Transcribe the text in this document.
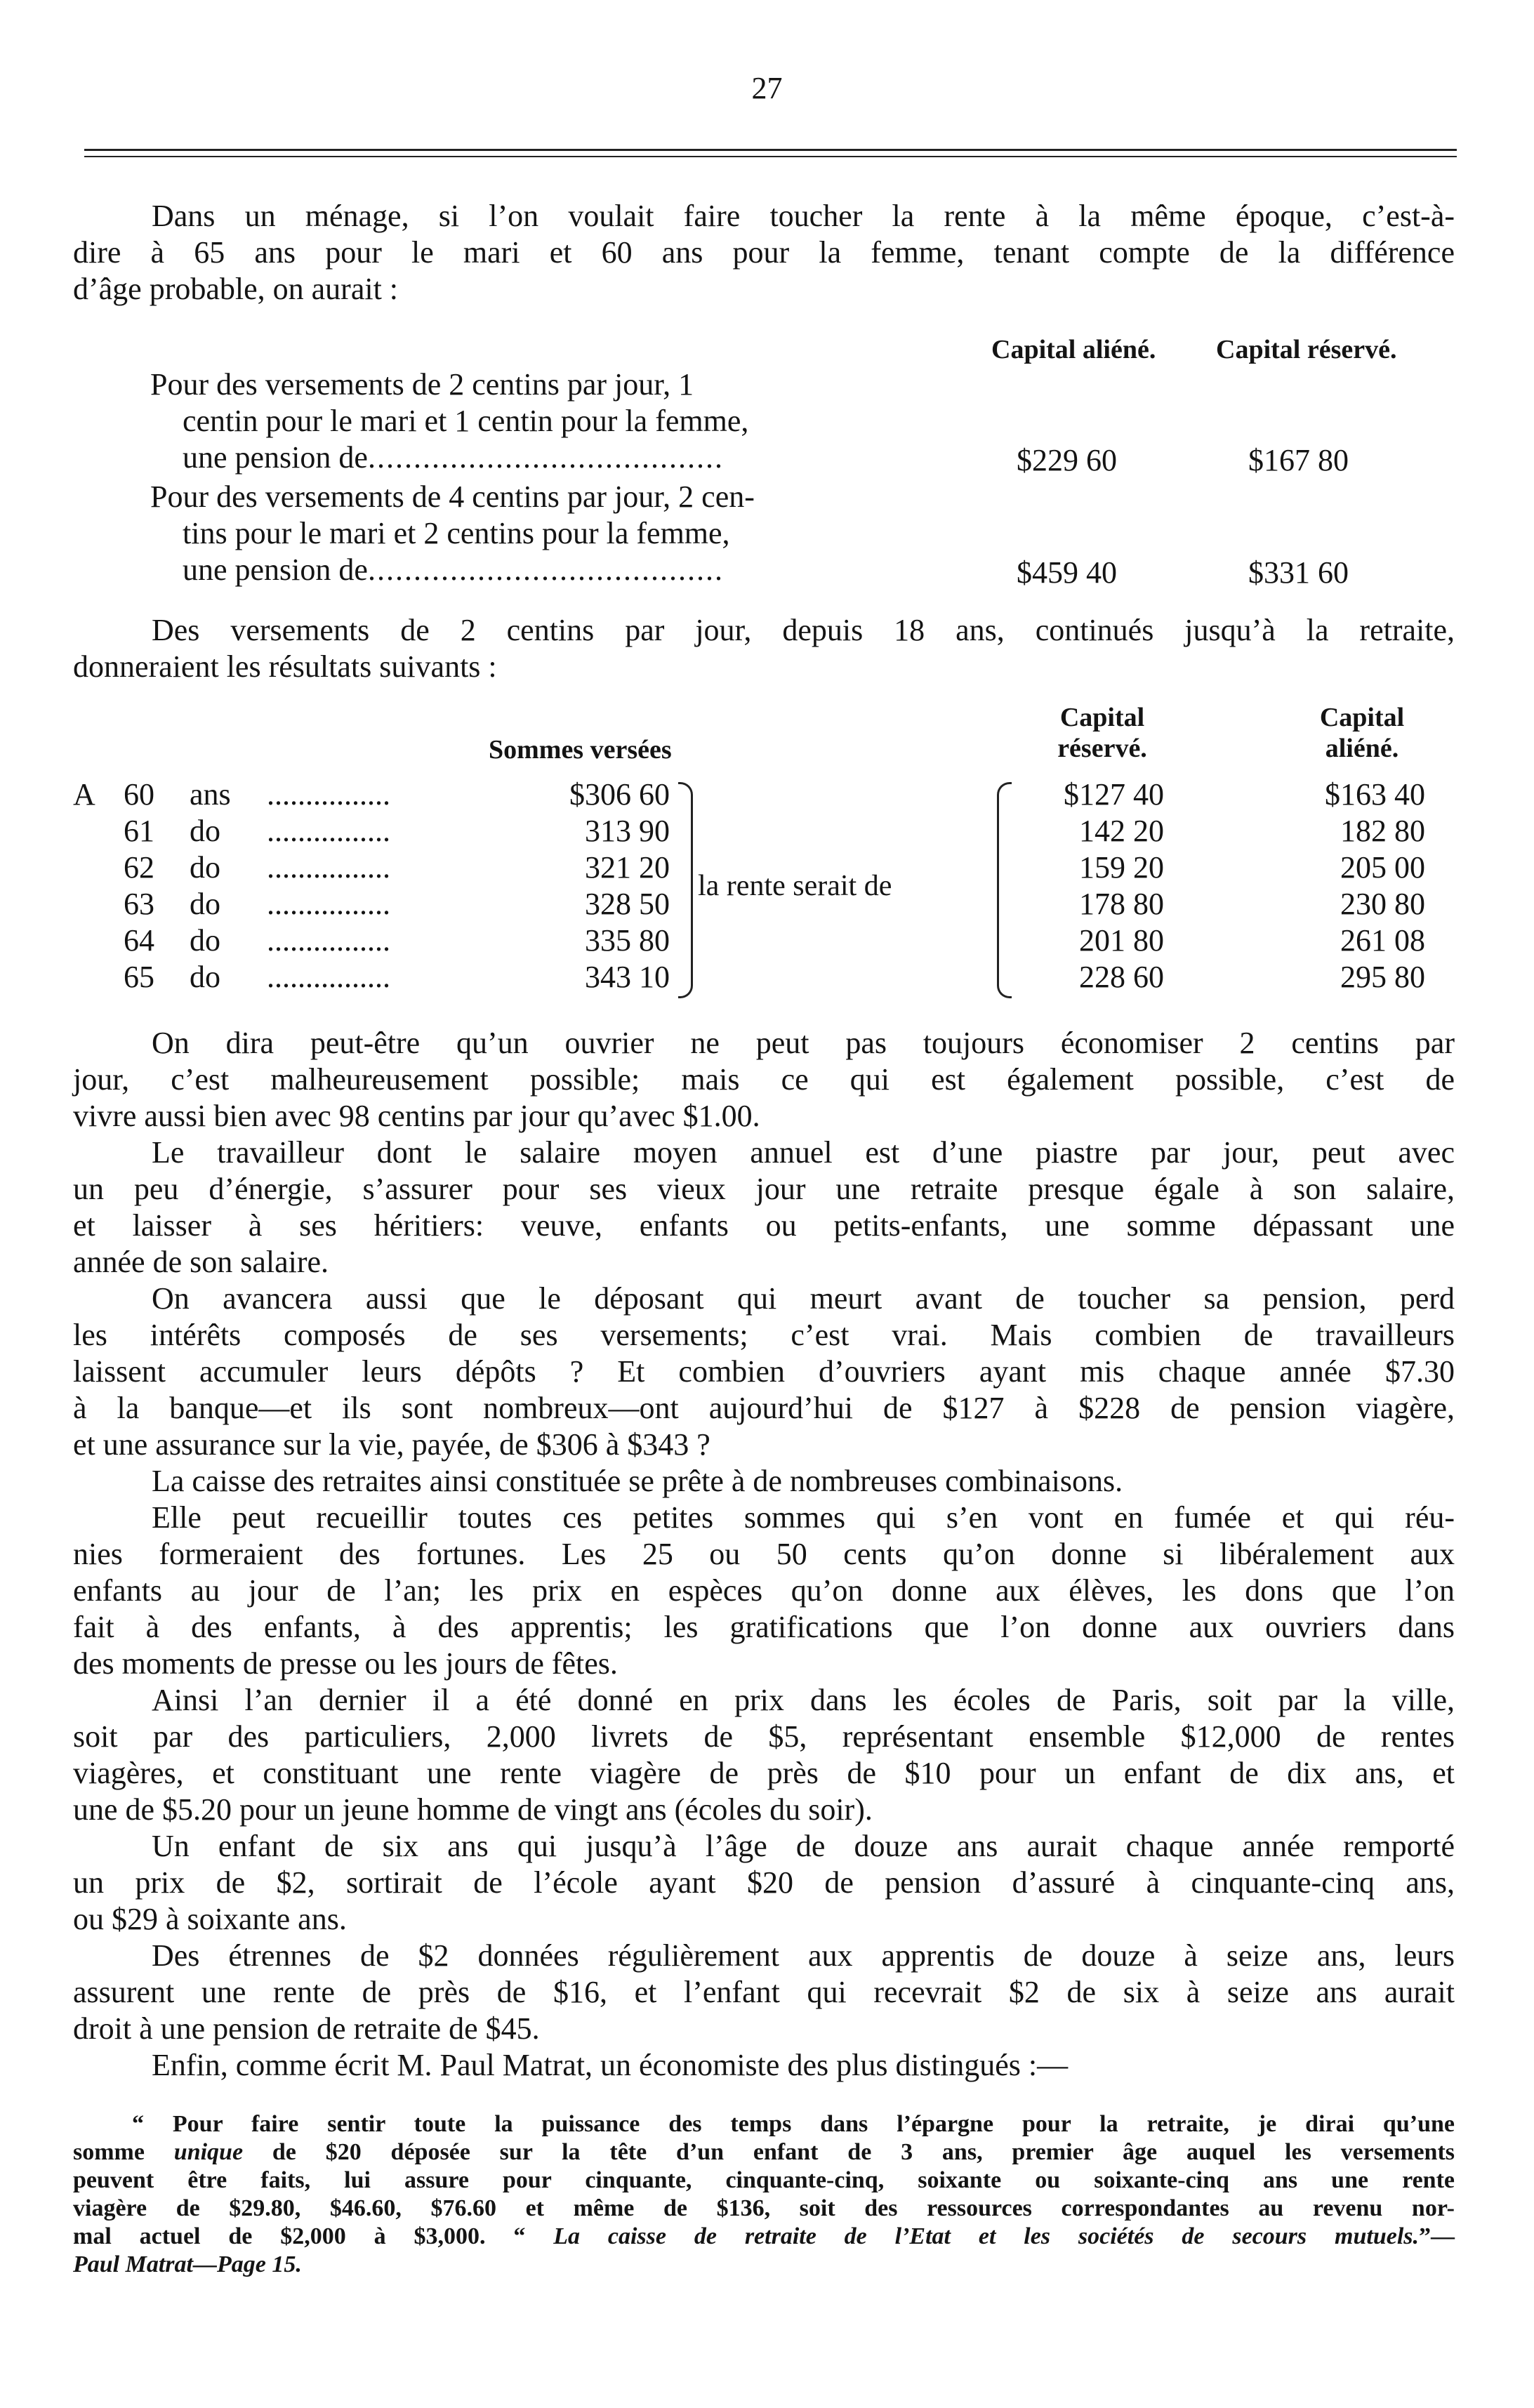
27
Dans un ménage, si l’on voulait faire toucher la rente à la même époque, c’est-à-
dire à 65 ans pour le mari et 60 ans pour la femme, tenant compte de la différence
d’âge probable, on aurait :
Capital aliéné. Capital réservé.
Pour des versements de 2 centins par jour, 1
centin pour le mari et 1 centin pour la femme,
une pension de.......................................	$229 60	$167 80
Pour des versements de 4 centins par jour, 2 cen-
tins pour le mari et 2 centins pour la femme,
une pension de.......................................	$459 40	$331 60
Des versements de 2 centins par jour, depuis 18 ans, continués jusqu’à la retraite,
donneraient les résultats suivants :
Capital
réservé.
Capital
aliéné.
Sommes versées
A 60 ans ................	$306 60	$127 40	$163 40
61 do ................	313 90	142 20	182 80
62 do ................	321 20	159 20	205 00
63 do ................	328 50	178 80	230 80
64 do ................	335 80	201 80	261 08
65 do ................	343 10	228 60	295 80
la rente serait de
On dira peut-être qu’un ouvrier ne peut pas toujours économiser 2 centins par
jour, c’est malheureusement possible; mais ce qui est également possible, c’est de
vivre aussi bien avec 98 centins par jour qu’avec $1.00.
Le travailleur dont le salaire moyen annuel est d’une piastre par jour, peut avec
un peu d’énergie, s’assurer pour ses vieux jour une retraite presque égale à son salaire,
et laisser à ses héritiers: veuve, enfants ou petits-enfants, une somme dépassant une
année de son salaire.
On avancera aussi que le déposant qui meurt avant de toucher sa pension, perd
les intérêts composés de ses versements; c’est vrai. Mais combien de travailleurs
laissent accumuler leurs dépôts ? Et combien d’ouvriers ayant mis chaque année $7.30
à la banque—et ils sont nombreux—ont aujourd’hui de $127 à $228 de pension viagère,
et une assurance sur la vie, payée, de $306 à $343 ?
La caisse des retraites ainsi constituée se prête à de nombreuses combinaisons.
Elle peut recueillir toutes ces petites sommes qui s’en vont en fumée et qui réu-
nies formeraient des fortunes. Les 25 ou 50 cents qu’on donne si libéralement aux
enfants au jour de l’an; les prix en espèces qu’on donne aux élèves, les dons que l’on
fait à des enfants, à des apprentis; les gratifications que l’on donne aux ouvriers dans
des moments de presse ou les jours de fêtes.
Ainsi l’an dernier il a été donné en prix dans les écoles de Paris, soit par la ville,
soit par des particuliers, 2,000 livrets de $5, représentant ensemble $12,000 de rentes
viagères, et constituant une rente viagère de près de $10 pour un enfant de dix ans, et
une de $5.20 pour un jeune homme de vingt ans (écoles du soir).
Un enfant de six ans qui jusqu’à l’âge de douze ans aurait chaque année remporté
un prix de $2, sortirait de l’école ayant $20 de pension d’assuré à cinquante-cinq ans,
ou $29 à soixante ans.
Des étrennes de $2 données régulièrement aux apprentis de douze à seize ans, leurs
assurent une rente de près de $16, et l’enfant qui recevrait $2 de six à seize ans aurait
droit à une pension de retraite de $45.
Enfin, comme écrit M. Paul Matrat, un économiste des plus distingués :—
“ Pour faire sentir toute la puissance des temps dans l’épargne pour la retraite, je dirai qu’une
somme unique de $20 déposée sur la tête d’un enfant de 3 ans, premier âge auquel les versements
peuvent être faits, lui assure pour cinquante, cinquante-cinq, soixante ou soixante-cinq ans une rente
viagère de $29.80, $46.60, $76.60 et même de $136, soit des ressources correspondantes au revenu nor-
mal actuel de $2,000 à $3,000. “ La caisse de retraite de l’Etat et les sociétés de secours mutuels.”—
Paul Matrat—Page 15.
